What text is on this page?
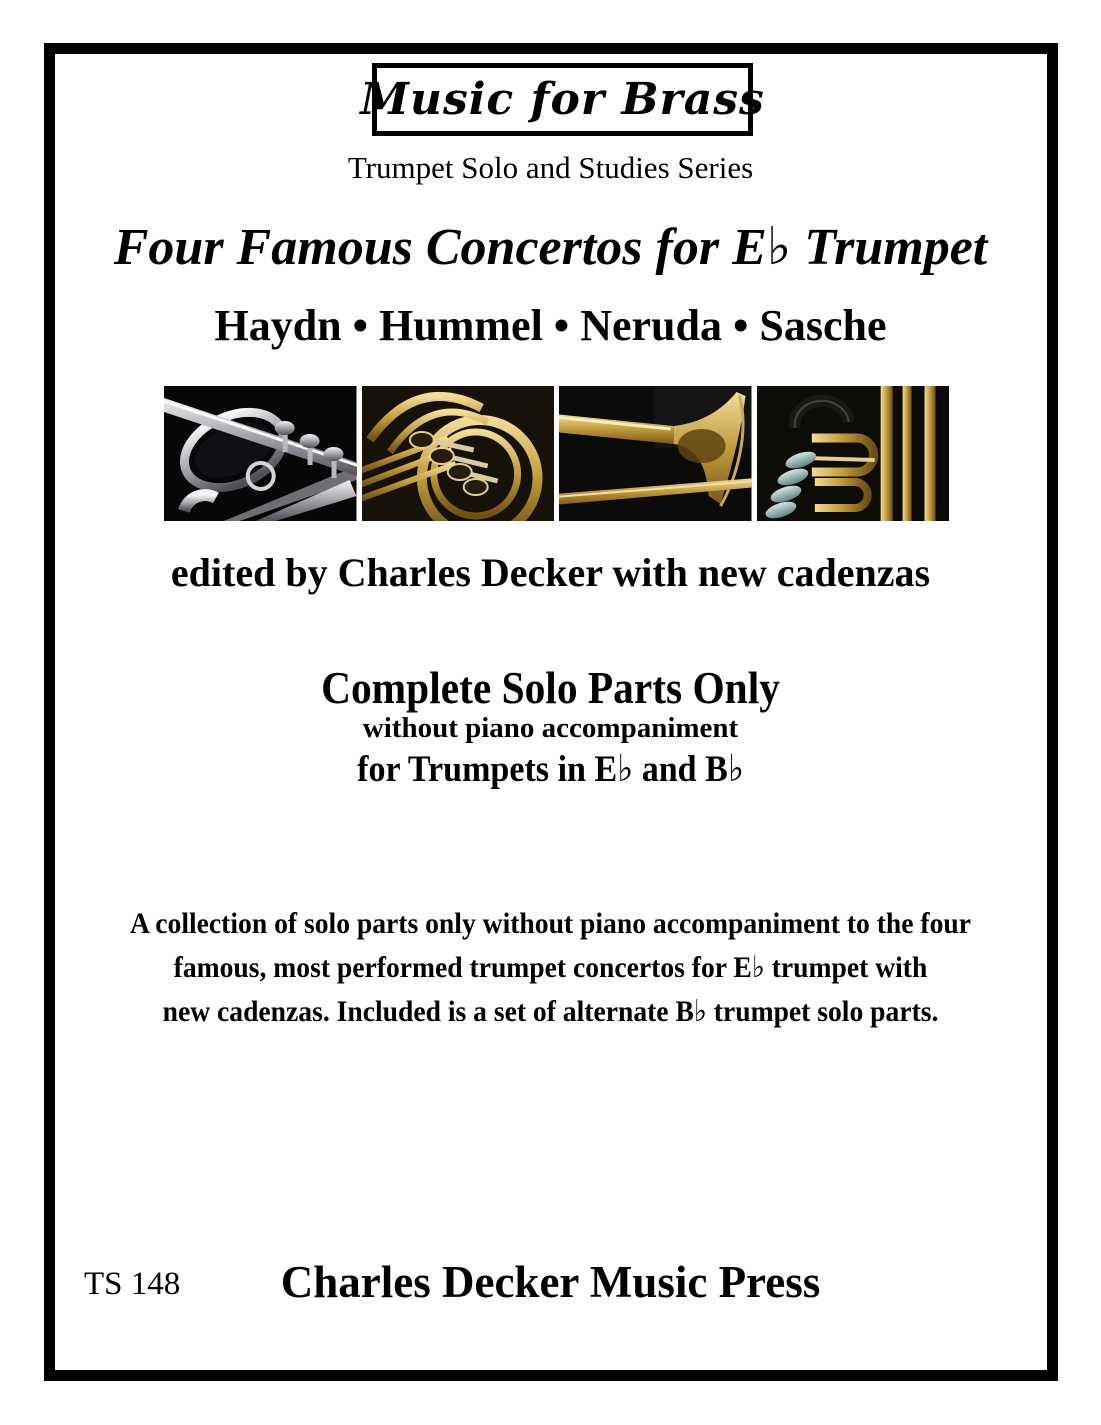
Music for Brass
Trumpet Solo and Studies Series
Four Famous Concertos for E♭ Trumpet
Haydn • Hummel • Neruda • Sasche
edited by Charles Decker with new cadenzas
Complete Solo Parts Only
without piano accompaniment
for Trumpets in E♭ and B♭
A collection of solo parts only without piano accompaniment to the four
famous, most performed trumpet concertos for E♭ trumpet with
new cadenzas. Included is a set of alternate B♭ trumpet solo parts.
TS 148	Charles Decker Music Press
